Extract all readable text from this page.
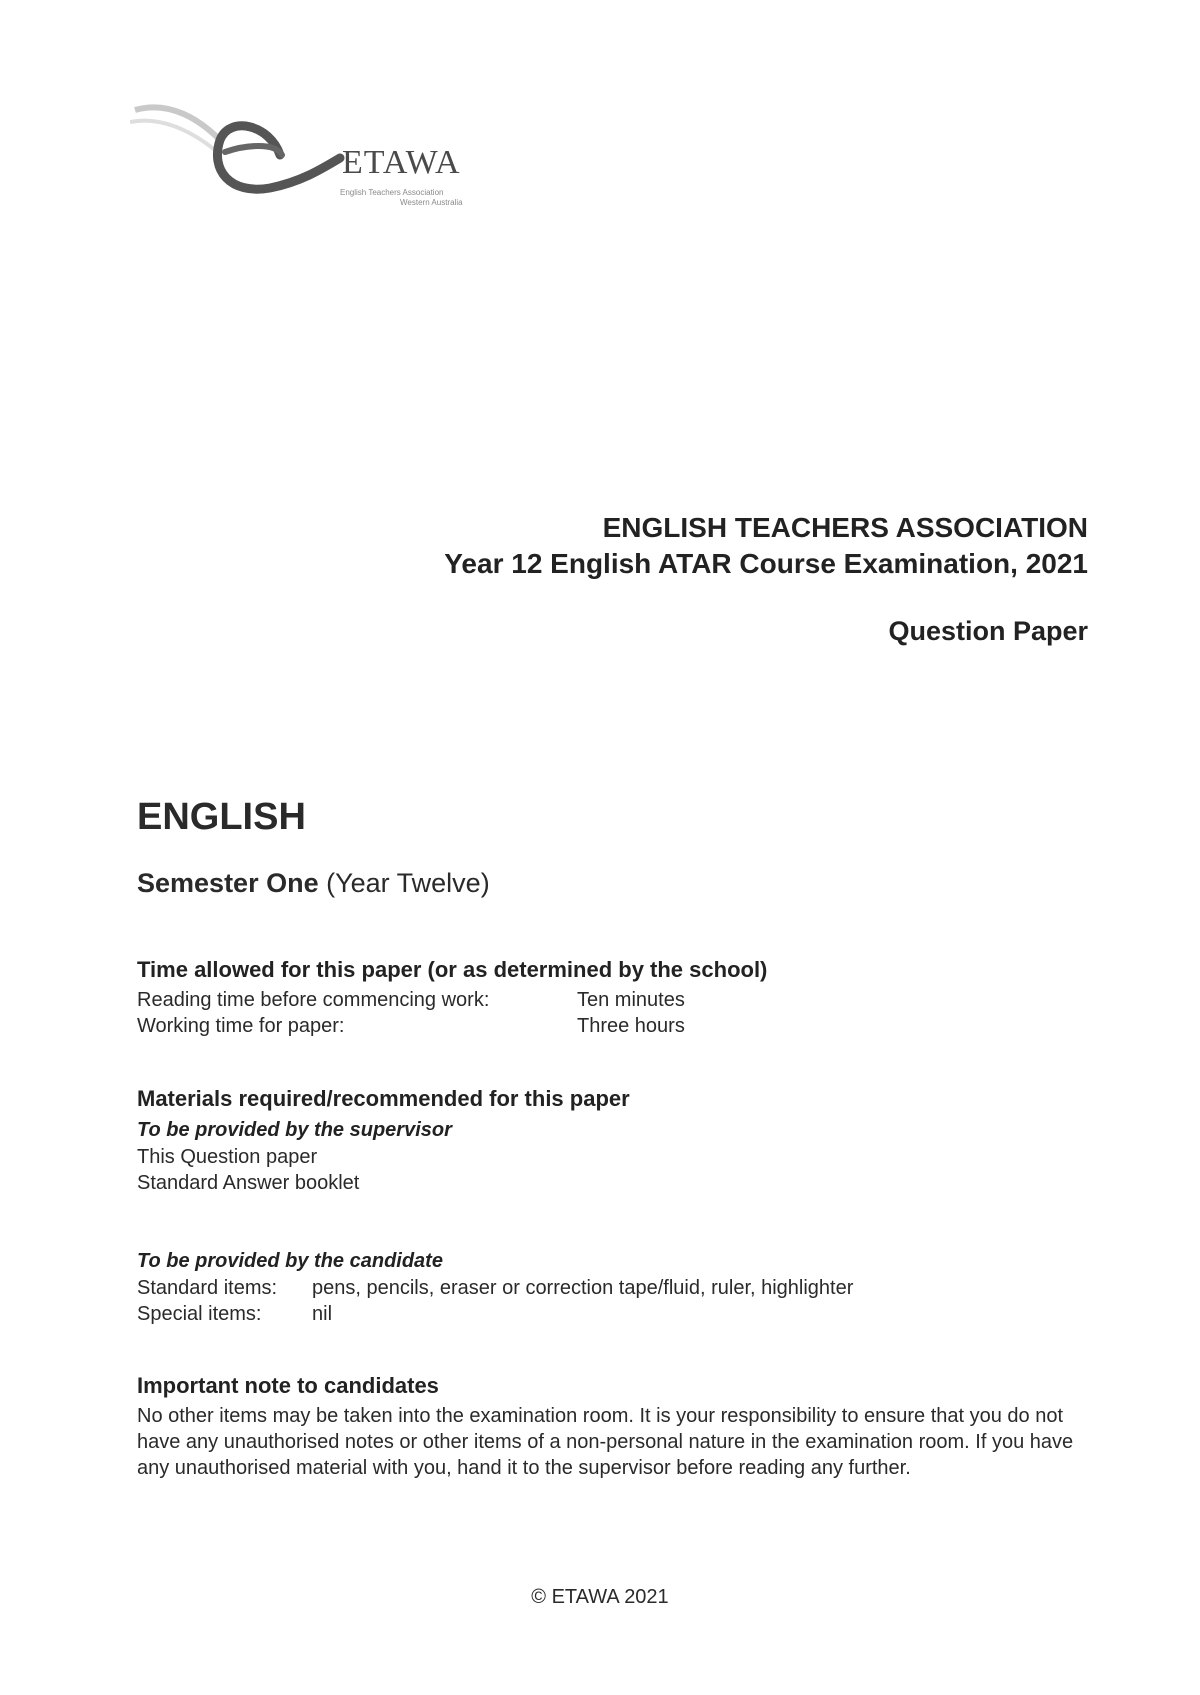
ETAWA
English Teachers Association
Western Australia
ENGLISH TEACHERS ASSOCIATION
Year 12 English ATAR Course Examination, 2021
Question Paper
ENGLISH
Semester One (Year Twelve)
Time allowed for this paper (or as determined by the school)
Reading time before commencing work:	Ten minutes
Working time for paper:	Three hours
Materials required/recommended for this paper
To be provided by the supervisor
This Question paper
Standard Answer booklet
To be provided by the candidate
Standard items: pens, pencils, eraser or correction tape/fluid, ruler, highlighter
Special items:	nil
Important note to candidates
No other items may be taken into the examination room. It is your responsibility to ensure that you do not have any unauthorised notes or other items of a non-personal nature in the examination room. If you have any unauthorised material with you, hand it to the supervisor before reading any further.
© ETAWA 2021
